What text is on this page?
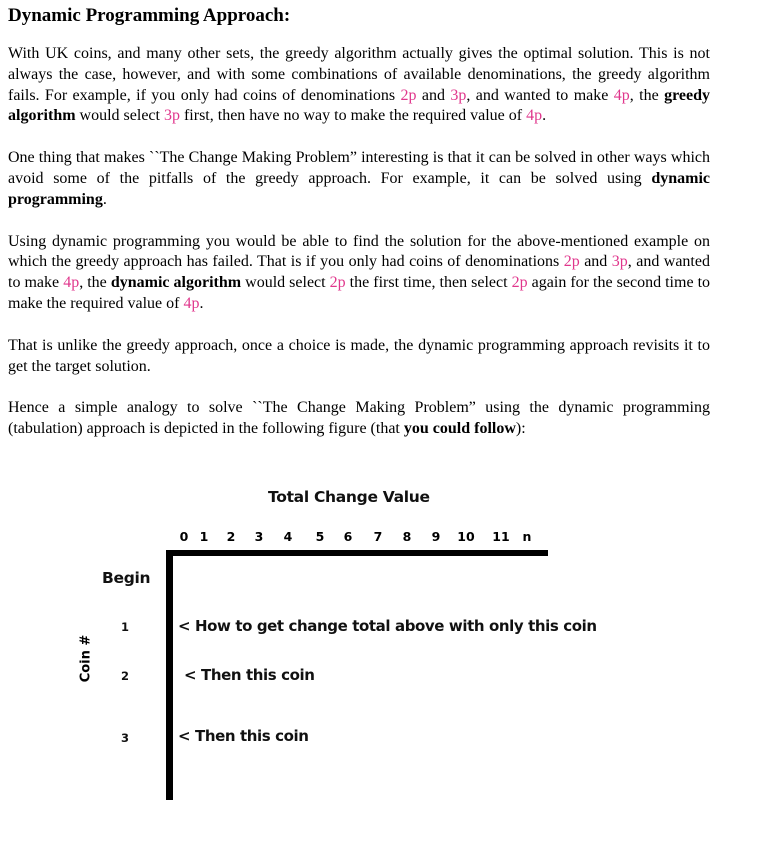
Dynamic Programming Approach:

With UK coins, and many other sets, the greedy algorithm actually gives the optimal solution. This is not always the case, however, and with some combinations of available denominations, the greedy algorithm fails. For example, if you only had coins of denominations 2p and 3p, and wanted to make 4p, the greedy algorithm would select 3p first, then have no way to make the required value of 4p.

One thing that makes ``The Change Making Problem” interesting is that it can be solved in other ways which avoid some of the pitfalls of the greedy approach. For example, it can be solved using dynamic programming.

Using dynamic programming you would be able to find the solution for the above-mentioned example on which the greedy approach has failed. That is if you only had coins of denominations 2p and 3p, and wanted to make 4p, the dynamic algorithm would select 2p the first time, then select 2p again for the second time to make the required value of 4p.

That is unlike the greedy approach, once a choice is made, the dynamic programming approach revisits it to get the target solution.

Hence a simple analogy to solve ``The Change Making Problem” using the dynamic programming (tabulation) approach is depicted in the following figure (that you could follow):

Total Change Value
0 1	2	3	4	5	6	7	8	9	10 11	n
Begin
Coin #
1
2
3
< How to get change total above with only this coin
< Then this coin
< Then this coin
